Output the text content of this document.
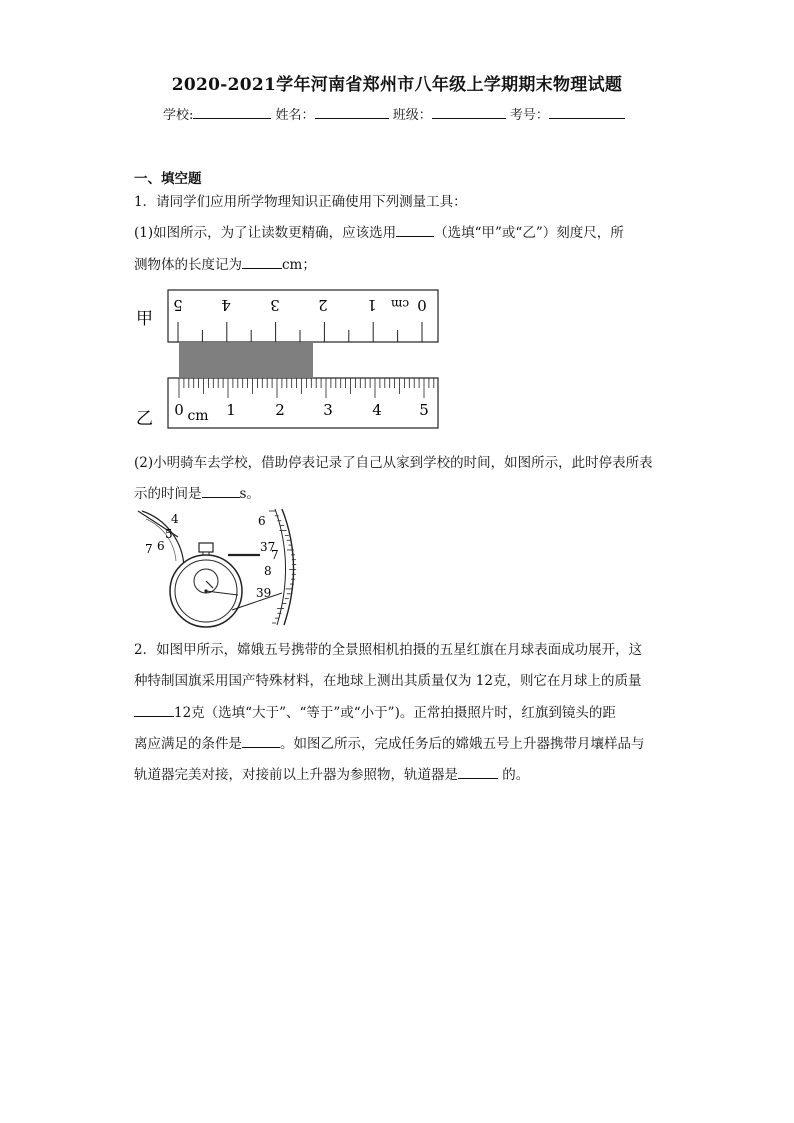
2020-2021学年河南省郑州市八年级上学期期末物理试题
学校:	姓名：	班级：	考号：
一、填空题
1．请同学们应用所学物理知识正确使用下列测量工具：
(1)如图所示，为了让读数更精确，应该选用	（选填“甲”或“乙”）刻度尺，所
测物体的长度记为	cm；
甲
乙
5	4	3	2	1	0
cm
0 cm 1	2	3	4 5
(2)小明骑车去学校，借助停表记录了自己从家到学校的时间，如图所示，此时停表所表
示的时间是	s。
4
5
6
7
6
37
7
8
39
2．如图甲所示，嫦娥五号携带的全景照相机拍摄的五星红旗在月球表面成功展开，这
种特制国旗采用国产特殊材料，在地球上测出其质量仅为 12克，则它在月球上的质量
12克（选填“大于”、“等于”或“小于”)。正常拍摄照片时，红旗到镜头的距
离应满足的条件是	。如图乙所示，完成任务后的嫦娥五号上升器携带月壤样品与
轨道器完美对接，对接前以上升器为参照物，轨道器是	的。
